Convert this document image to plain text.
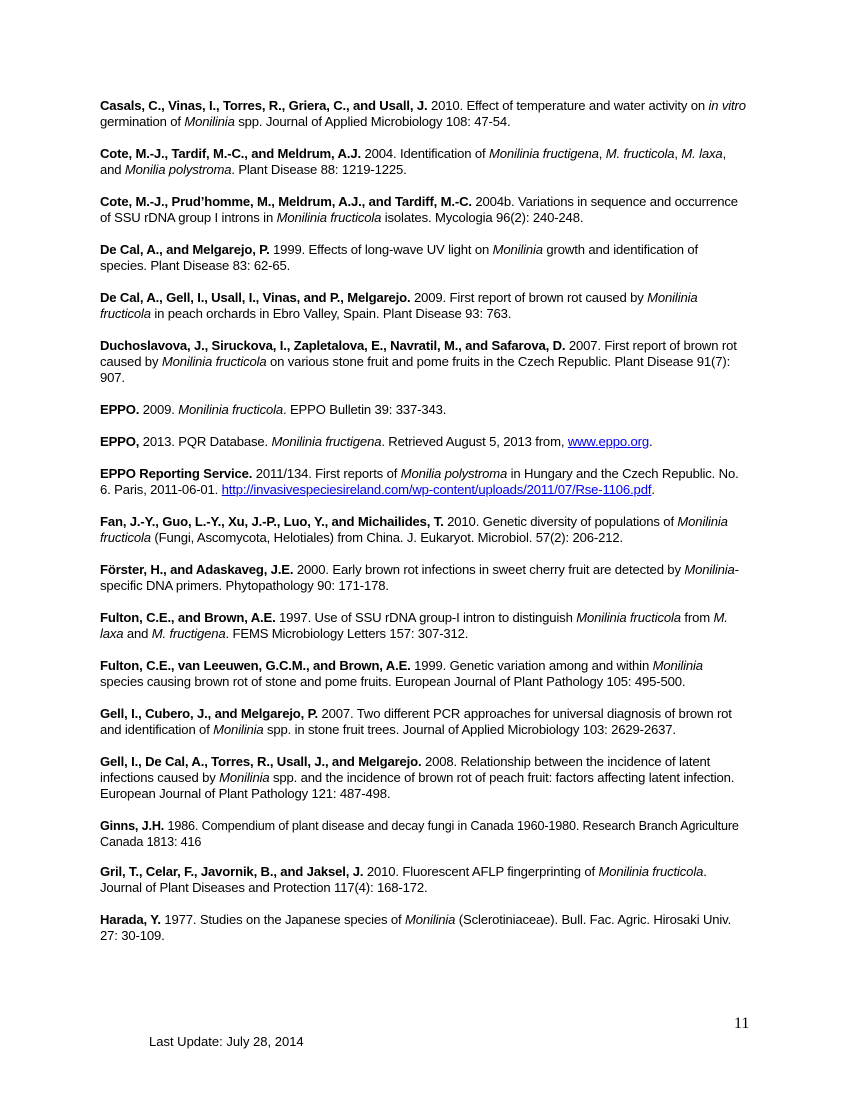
Casals, C., Vinas, I., Torres, R., Griera, C., and Usall, J. 2010. Effect of temperature and water activity on in vitro germination of Monilinia spp. Journal of Applied Microbiology 108: 47-54.

Cote, M.-J., Tardif, M.-C., and Meldrum, A.J. 2004. Identification of Monilinia fructigena, M. fructicola, M. laxa, and Monilia polystroma. Plant Disease 88: 1219-1225.

Cote, M.-J., Prud’homme, M., Meldrum, A.J., and Tardiff, M.-C. 2004b. Variations in sequence and occurrence of SSU rDNA group I introns in Monilinia fructicola isolates. Mycologia 96(2): 240-248.

De Cal, A., and Melgarejo, P. 1999. Effects of long-wave UV light on Monilinia growth and identification of species. Plant Disease 83: 62-65.

De Cal, A., Gell, I., Usall, I., Vinas, and P., Melgarejo. 2009. First report of brown rot caused by Monilinia fructicola in peach orchards in Ebro Valley, Spain. Plant Disease 93: 763.

Duchoslavova, J., Siruckova, I., Zapletalova, E., Navratil, M., and Safarova, D. 2007. First report of brown rot caused by Monilinia fructicola on various stone fruit and pome fruits in the Czech Republic. Plant Disease 91(7): 907.

EPPO. 2009. Monilinia fructicola. EPPO Bulletin 39: 337-343.

EPPO, 2013. PQR Database. Monilinia fructigena. Retrieved August 5, 2013 from, www.eppo.org.

EPPO Reporting Service. 2011/134. First reports of Monilia polystroma in Hungary and the Czech Republic. No. 6. Paris, 2011-06-01. http://invasivespeciesireland.com/wp-content/uploads/2011/07/Rse-1106.pdf.

Fan, J.-Y., Guo, L.-Y., Xu, J.-P., Luo, Y., and Michailides, T. 2010. Genetic diversity of populations of Monilinia fructicola (Fungi, Ascomycota, Helotiales) from China. J. Eukaryot. Microbiol. 57(2): 206-212.

Förster, H., and Adaskaveg, J.E. 2000. Early brown rot infections in sweet cherry fruit are detected by Monilinia-specific DNA primers. Phytopathology 90: 171-178.

Fulton, C.E., and Brown, A.E. 1997. Use of SSU rDNA group-I intron to distinguish Monilinia fructicola from M. laxa and M. fructigena. FEMS Microbiology Letters 157: 307-312.

Fulton, C.E., van Leeuwen, G.C.M., and Brown, A.E. 1999. Genetic variation among and within Monilinia species causing brown rot of stone and pome fruits. European Journal of Plant Pathology 105: 495-500.

Gell, I., Cubero, J., and Melgarejo, P. 2007. Two different PCR approaches for universal diagnosis of brown rot and identification of Monilinia spp. in stone fruit trees. Journal of Applied Microbiology 103: 2629-2637.

Gell, I., De Cal, A., Torres, R., Usall, J., and Melgarejo. 2008. Relationship between the incidence of latent infections caused by Monilinia spp. and the incidence of brown rot of peach fruit: factors affecting latent infection. European Journal of Plant Pathology 121: 487-498.

Ginns, J.H. 1986. Compendium of plant disease and decay fungi in Canada 1960-1980. Research Branch Agriculture Canada 1813: 416

Gril, T., Celar, F., Javornik, B., and Jaksel, J. 2010. Fluorescent AFLP fingerprinting of Monilinia fructicola. Journal of Plant Diseases and Protection 117(4): 168-172.

Harada, Y. 1977. Studies on the Japanese species of Monilinia (Sclerotiniaceae). Bull. Fac. Agric. Hirosaki Univ. 27: 30-109.

11
Last Update: July 28, 2014
